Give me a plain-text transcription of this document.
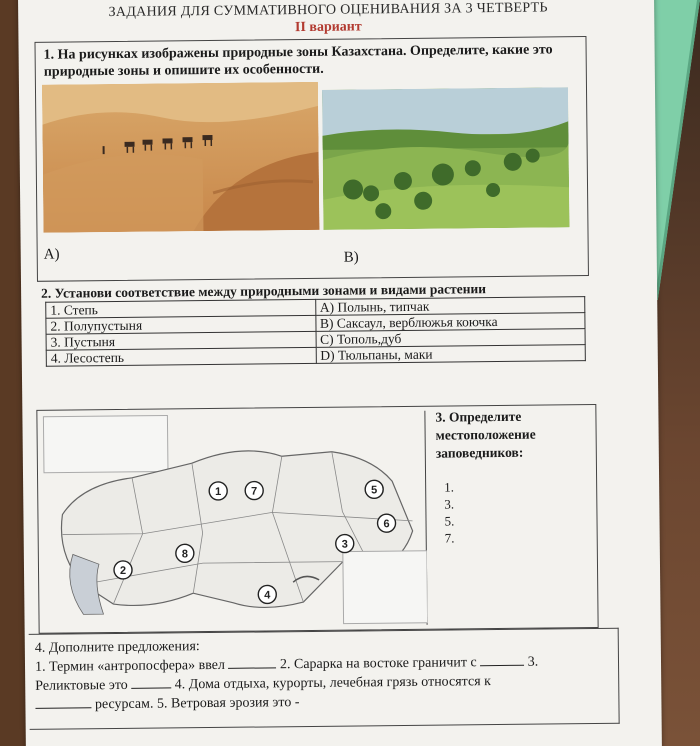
ЗАДАНИЯ ДЛЯ СУММАТИВНОГО ОЦЕНИВАНИЯ ЗА 3 ЧЕТВЕРТЬ
II вариант
1. На рисунках изображены природные зоны Казахстана. Определите, какие это природные зоны и опишите их особенности.
A)	B)
2. Установи соответствие между природными зонами и видами растении
1. Степь	A) Полынь, типчак
2. Полупустыня	B) Саксаул, верблюжья коючка
3. Пустыня	C) Тополь,дуб
4. Лесостепь	D) Тюльпаны, маки
1	7	5
6
3
8
2
4
3. Определите местоположение заповедников:
1.
3.
5.
7.
4. Дополните предложения:
1. Термин «антропосфера» ввел	2. Сарарка на востоке граничит с	3.
Реликтовые это	4. Дома отдыха, курорты, лечебная грязь относятся к
ресурсам. 5. Ветровая эрозия это -
